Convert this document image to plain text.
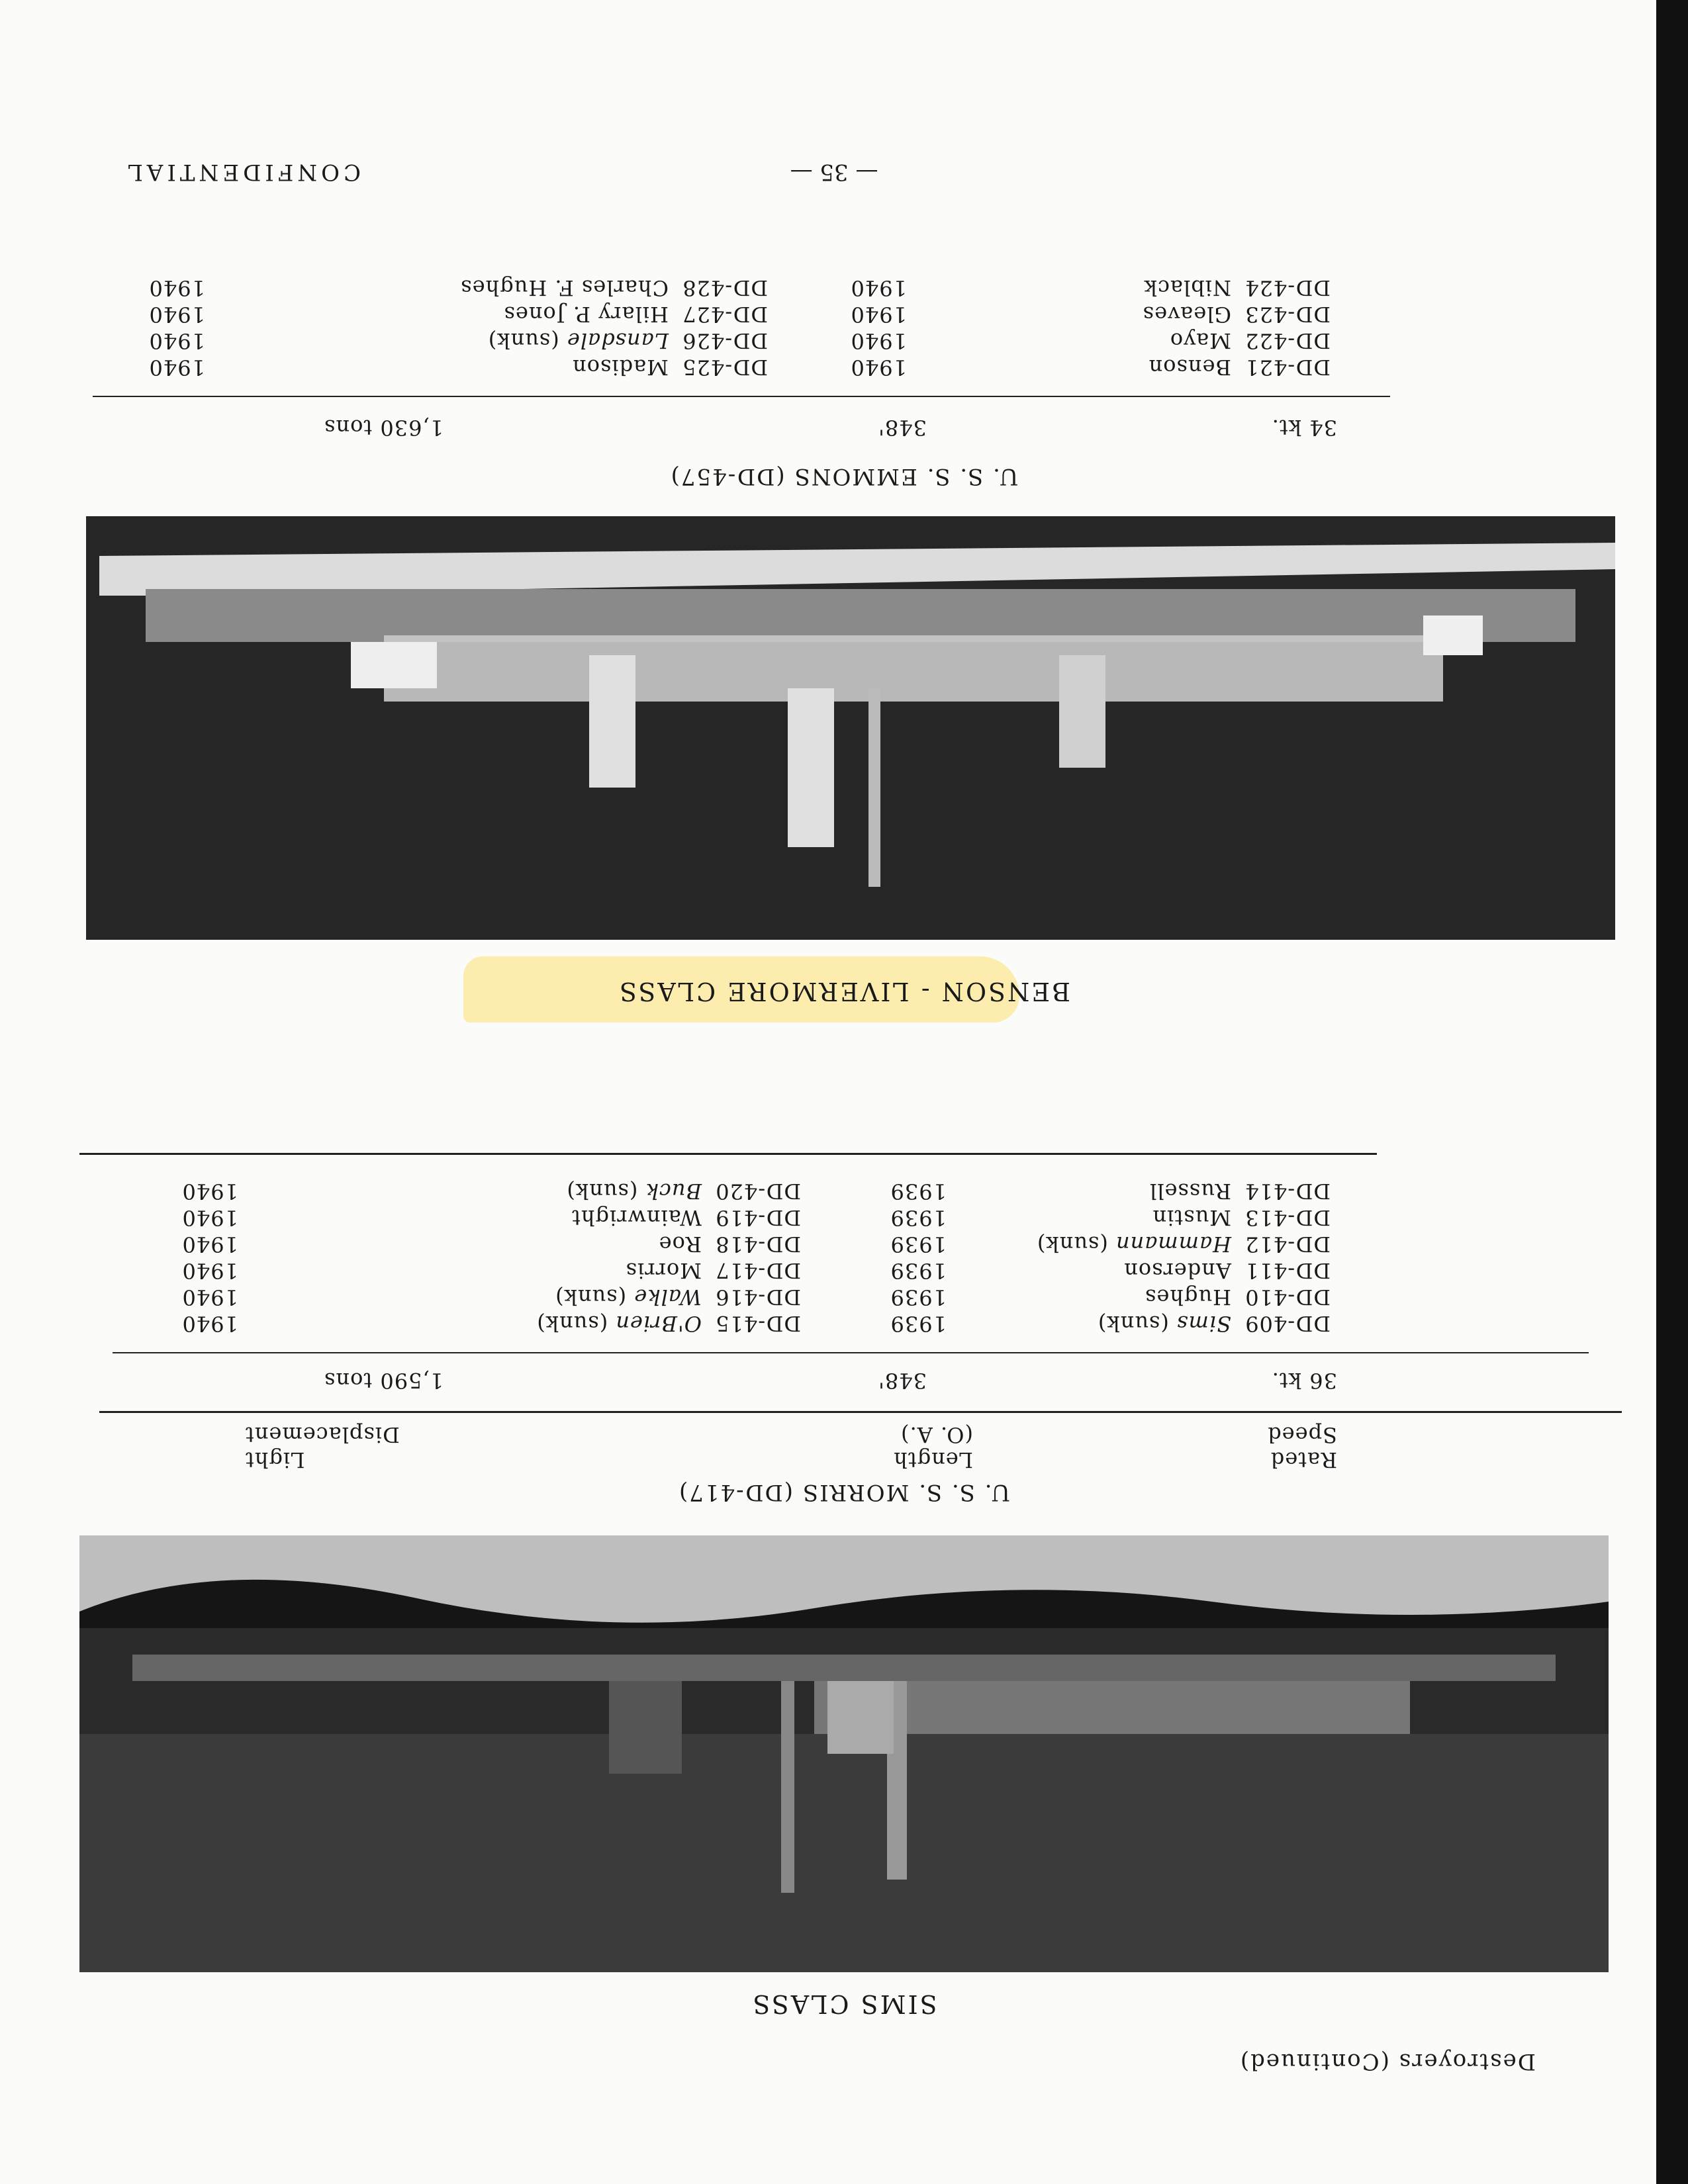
Destroyers (Continued)
SIMS CLASS
U. S. S. MORRIS (DD-417)
Rated
Speed
Length
(O. A.)
Light
Displacement
36 kt.
348'
1,590 tons
DD-409Sims (sunk)
DD-410Hughes
DD-411Anderson
DD-412Hammann (sunk)
DD-413Mustin
DD-414Russell
1939
1939
1939
1939
1939
1939
DD-415O'Brien (sunk)
DD-416Walke (sunk)
DD-417Morris
DD-418Roe
DD-419Wainwright
DD-420Buck (sunk)
1940
1940
1940
1940
1940
1940
BENSON - LIVERMORE CLASS
U. S. S. EMMONS (DD-457)
34 kt.
348'
1,630 tons
DD-421Benson
DD-422Mayo
DD-423Gleaves
DD-424Niblack
1940
1940
1940
1940
DD-425Madison
DD-426Lansdale (sunk)
DD-427Hilary P. Jones
DD-428Charles F. Hughes
1940
1940
1940
1940
— 35 —
CONFIDENTIAL
